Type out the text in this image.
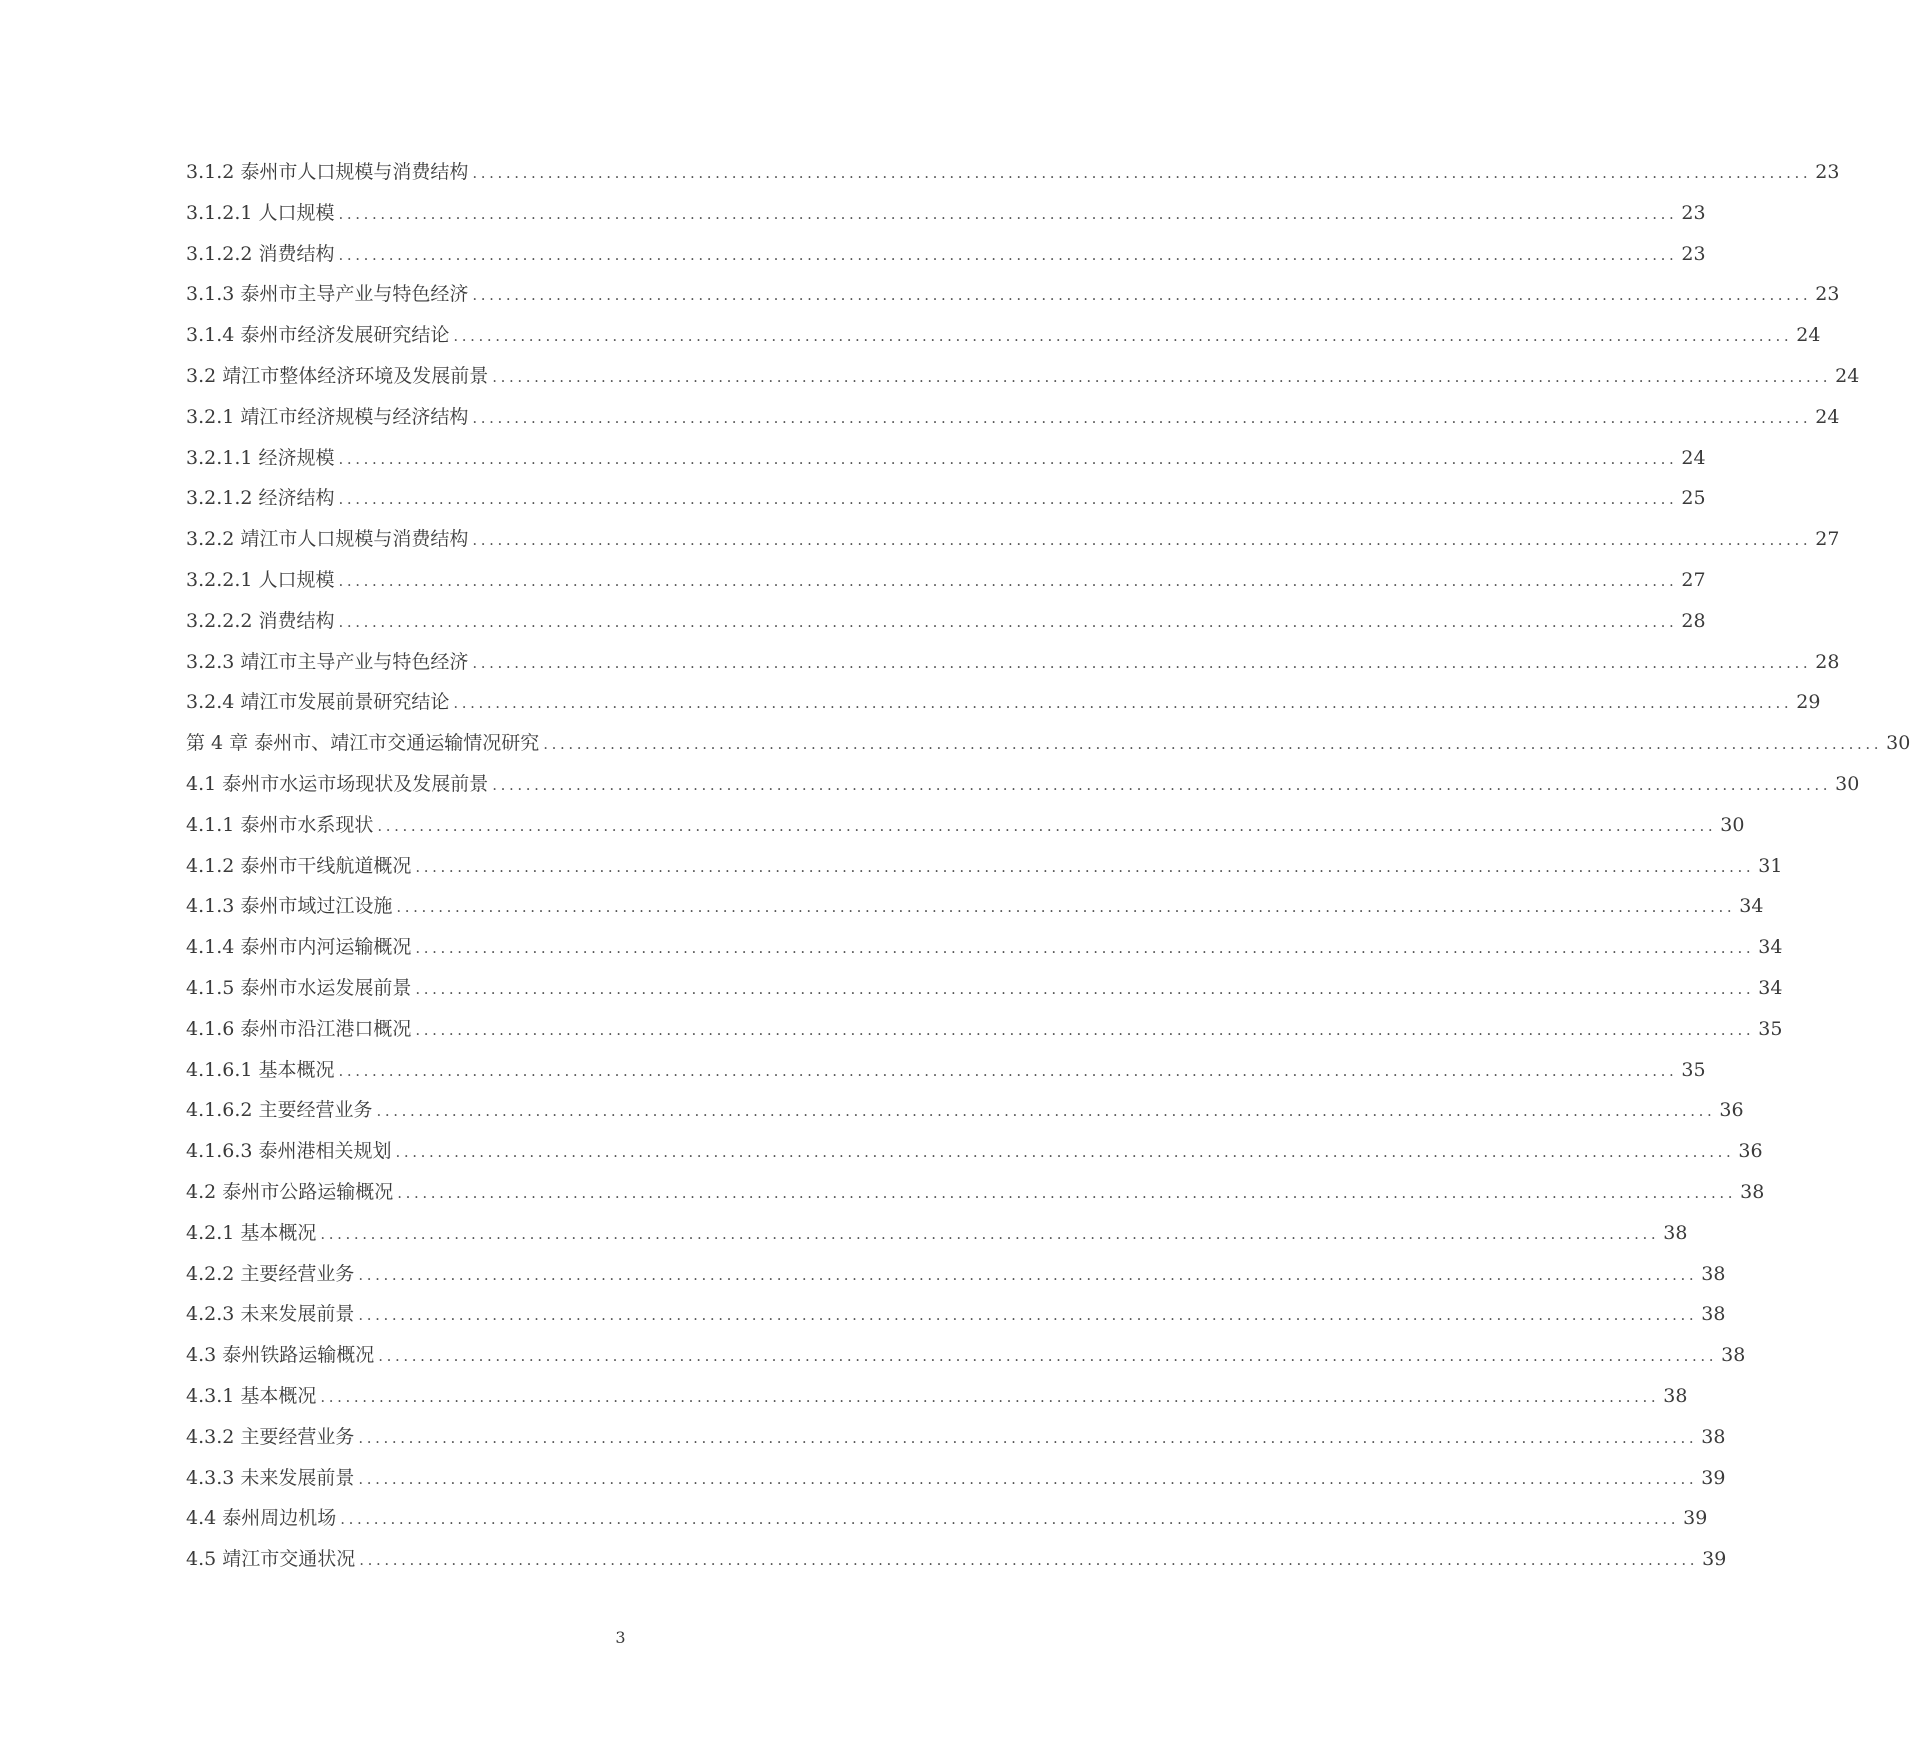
3.1.2 泰州市人口规模与消费结构 ................................................................................................................................................................ 23
3.1.2.1 人口规模 ................................................................................................................................................................ 23
3.1.2.2 消费结构 ................................................................................................................................................................ 23
3.1.3 泰州市主导产业与特色经济 ................................................................................................................................................................ 23
3.1.4 泰州市经济发展研究结论 ................................................................................................................................................................ 24
3.2 靖江市整体经济环境及发展前景 ................................................................................................................................................................ 24
3.2.1 靖江市经济规模与经济结构 ................................................................................................................................................................ 24
3.2.1.1 经济规模 ................................................................................................................................................................ 24
3.2.1.2 经济结构 ................................................................................................................................................................ 25
3.2.2 靖江市人口规模与消费结构 ................................................................................................................................................................ 27
3.2.2.1 人口规模 ................................................................................................................................................................ 27
3.2.2.2 消费结构 ................................................................................................................................................................ 28
3.2.3 靖江市主导产业与特色经济 ................................................................................................................................................................ 28
3.2.4 靖江市发展前景研究结论 ................................................................................................................................................................ 29
第 4 章 泰州市、靖江市交通运输情况研究 ................................................................................................................................................................ 30
4.1 泰州市水运市场现状及发展前景 ................................................................................................................................................................ 30
4.1.1 泰州市水系现状 ................................................................................................................................................................ 30
4.1.2 泰州市干线航道概况 ................................................................................................................................................................ 31
4.1.3 泰州市域过江设施 ................................................................................................................................................................ 34
4.1.4 泰州市内河运输概况 ................................................................................................................................................................ 34
4.1.5 泰州市水运发展前景 ................................................................................................................................................................ 34
4.1.6 泰州市沿江港口概况 ................................................................................................................................................................ 35
4.1.6.1 基本概况 ................................................................................................................................................................ 35
4.1.6.2 主要经营业务 ................................................................................................................................................................ 36
4.1.6.3 泰州港相关规划 ................................................................................................................................................................ 36
4.2 泰州市公路运输概况 ................................................................................................................................................................ 38
4.2.1 基本概况 ................................................................................................................................................................ 38
4.2.2 主要经营业务 ................................................................................................................................................................ 38
4.2.3 未来发展前景 ................................................................................................................................................................ 38
4.3 泰州铁路运输概况 ................................................................................................................................................................ 38
4.3.1 基本概况 ................................................................................................................................................................ 38
4.3.2 主要经营业务 ................................................................................................................................................................ 38
4.3.3 未来发展前景 ................................................................................................................................................................ 39
4.4 泰州周边机场 ................................................................................................................................................................ 39
4.5 靖江市交通状况 ................................................................................................................................................................ 39
3
